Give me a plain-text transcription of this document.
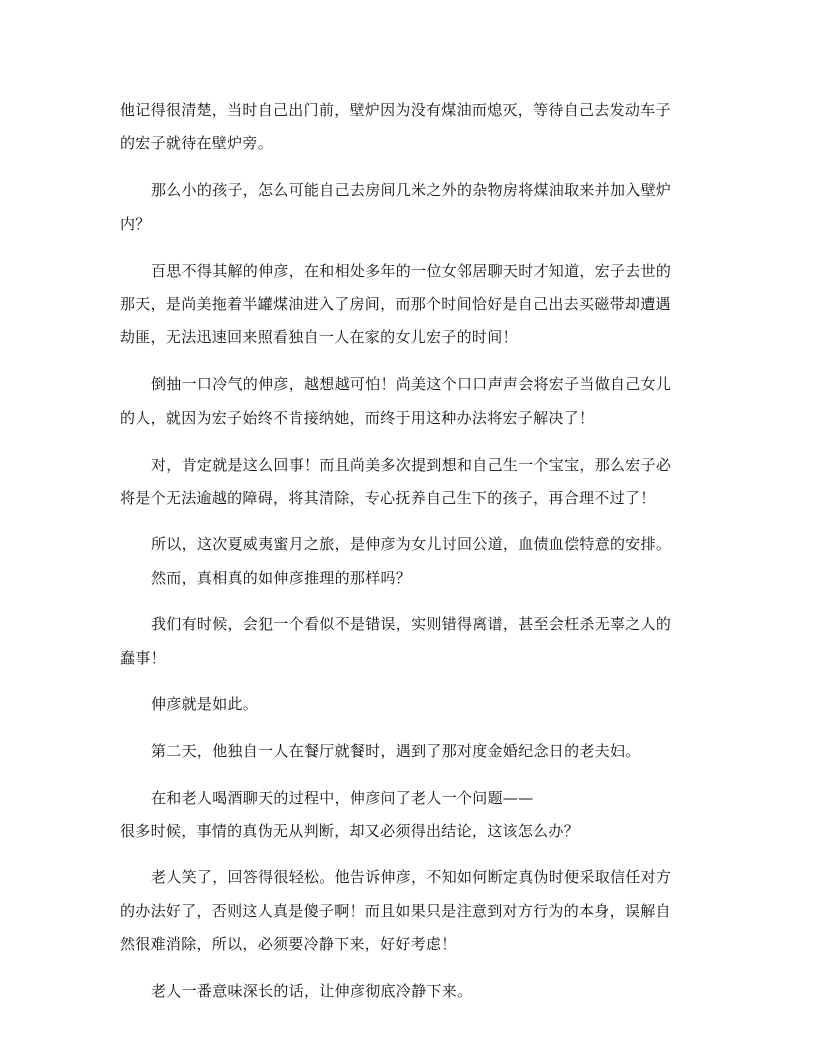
他记得很清楚，当时自己出门前，壁炉因为没有煤油而熄灭，等待自己去发动车子
的宏子就待在壁炉旁。
那么小的孩子，怎么可能自己去房间几米之外的杂物房将煤油取来并加入壁炉
内？
百思不得其解的伸彦，在和相处多年的一位女邻居聊天时才知道，宏子去世的
那天，是尚美拖着半罐煤油进入了房间，而那个时间恰好是自己出去买磁带却遭遇
劫匪，无法迅速回来照看独自一人在家的女儿宏子的时间！
倒抽一口冷气的伸彦，越想越可怕！尚美这个口口声声会将宏子当做自己女儿
的人，就因为宏子始终不肯接纳她，而终于用这种办法将宏子解决了！
对，肯定就是这么回事！而且尚美多次提到想和自己生一个宝宝，那么宏子必
将是个无法逾越的障碍，将其清除，专心抚养自己生下的孩子，再合理不过了！
所以，这次夏威夷蜜月之旅，是伸彦为女儿讨回公道，血债血偿特意的安排。
然而，真相真的如伸彦推理的那样吗？
我们有时候，会犯一个看似不是错误，实则错得离谱，甚至会枉杀无辜之人的
蠢事！
伸彦就是如此。
第二天，他独自一人在餐厅就餐时，遇到了那对度金婚纪念日的老夫妇。
在和老人喝酒聊天的过程中，伸彦问了老人一个问题——
很多时候，事情的真伪无从判断，却又必须得出结论，这该怎么办？
老人笑了，回答得很轻松。他告诉伸彦，不知如何断定真伪时便采取信任对方
的办法好了，否则这人真是傻子啊！而且如果只是注意到对方行为的本身，误解自
然很难消除，所以，必须要冷静下来，好好考虑！
老人一番意味深长的话，让伸彦彻底冷静下来。
